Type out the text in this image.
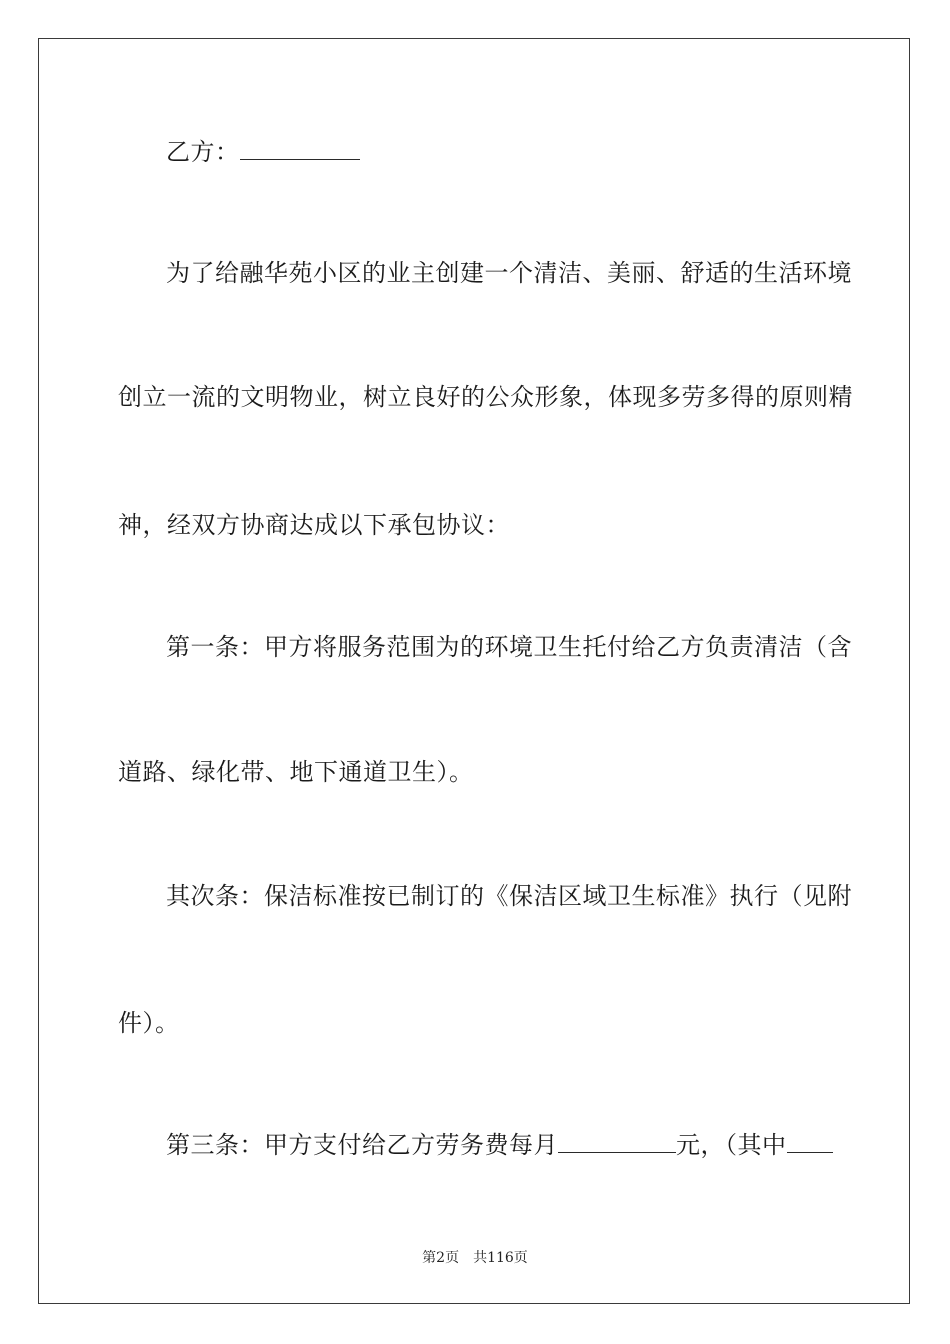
乙方：
为了给融华苑小区的业主创建一个清洁、美丽、舒适的生活环境
创立一流的文明物业，树立良好的公众形象，体现多劳多得的原则精
神，经双方协商达成以下承包协议：
第一条：甲方将服务范围为的环境卫生托付给乙方负责清洁（含
道路、绿化带、地下通道卫生）。
其次条：保洁标准按已制订的《保洁区域卫生标准》执行（见附
件）。
第三条：甲方支付给乙方劳务费每月	元，（其中
第2页　共116页
